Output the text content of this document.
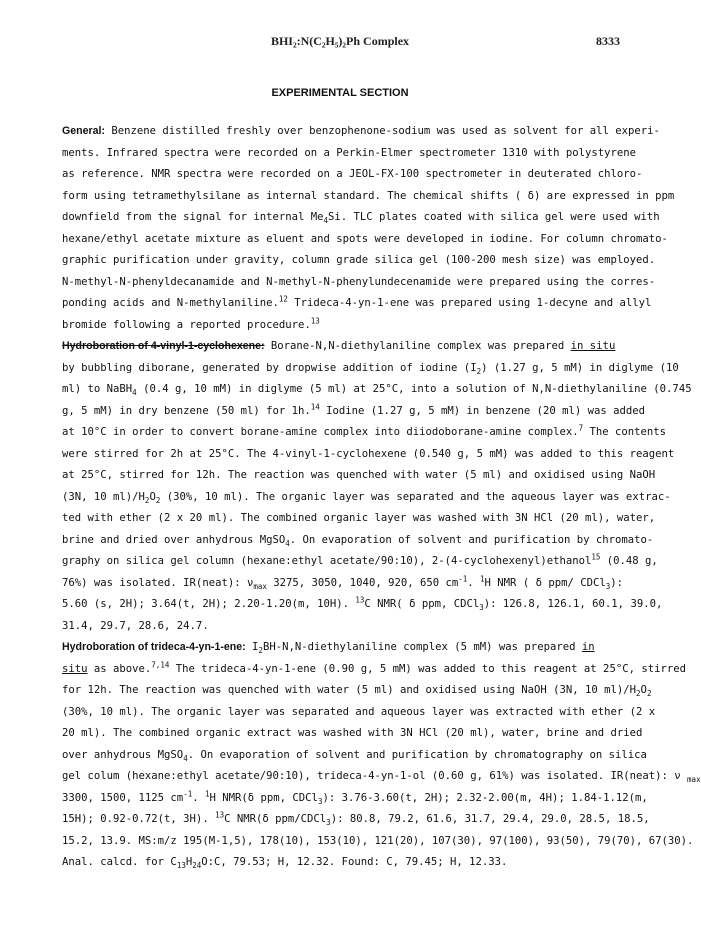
BHI₂:N(C₂H₅)₂Ph Complex	8333
EXPERIMENTAL SECTION
General: Benzene distilled freshly over benzophenone-sodium was used as solvent for all experi-
ments. Infrared spectra were recorded on a Perkin-Elmer spectrometer 1310 with polystyrene
as reference. NMR spectra were recorded on a JEOL-FX-100 spectrometer in deuterated chloro-
form using tetramethylsilane as internal standard. The chemical shifts ( δ) are expressed in ppm
downfield from the signal for internal $Me_4Si$. TLC plates coated with silica gel were used with
hexane/ethyl acetate mixture as eluent and spots were developed in iodine. For column chromato-
graphic purification under gravity, column grade silica gel (100-200 mesh size) was employed.
N-methyl-N-phenyldecanamide and N-methyl-N-phenylundecenamide were prepared using the corres-
ponding acids and N-methylaniline.$^{12}$ Trideca-4-yn-1-ene was prepared using 1-decyne and allyl
bromide following a reported procedure.$^{13}$
Hydroboration of 4-vinyl-1-cyclohexene: Borane-N,N-diethylaniline complex was prepared in situ
by bubbling diborane, generated by dropwise addition of iodine $(I_2)$ (1.27 g, 5 mM) in diglyme (10
ml) to NaBH$_4$ (0.4 g, 10 mM) in diglyme (5 ml) at 25°C, into a solution of N,N-diethylaniline (0.745
g, 5 mM) in dry benzene (50 ml) for 1h.$^{14}$ Iodine (1.27 g, 5 mM) in benzene (20 ml) was added
at 10°C in order to convert borane-amine complex into diiodoborane-amine complex.$^7$ The contents
were stirred for 2h at 25°C. The 4-vinyl-1-cyclohexene (0.540 g, 5 mM) was added to this reagent
at 25°C, stirred for 12h. The reaction was quenched with water (5 ml) and oxidised using NaOH
(3N, 10 $ml)/H_2O_2$ (30%, 10 ml). The organic layer was separated and the aqueous layer was extrac-
ted with ether (2 x 20 ml). The combined organic layer was washed with 3N HCl (20 ml), water,
brine and dried over anhydrous MgSO$_4$. On evaporation of solvent and purification by chromato-
graphy on silica gel column (hexane:ethyl acetate/90:10), 2-(4-cyclohexenyl)ethanol$^{15}$ (0.48 g,
76%) was isolated. IR(neat): $\nu_{max}$ 3275, 3050, 1040, 920, 650 $cm^{-1}$. $^1$H NMR ( δ ppm/ CDCl$_3$):
5.60 (s, 2H); 3.64(t, 2H); 2.20-1.20(m, 10H). $^{13}$C NMR( δ ppm, CDCl$_3$): 126.8, 126.1, 60.1, 39.0,
31.4, 29.7, 28.6, 24.7.
Hydroboration of trideca-4-yn-1-ene: $I_2BH-N,N$-diethylaniline complex (5 mM) was prepared in
situ as above.$^{7,14}$ The trideca-4-yn-1-ene (0.90 g, 5 mM) was added to this reagent at 25°C, stirred
for 12h. The reaction was quenched with water (5 ml) and oxidised using NaOH (3N, 10 $ml)/H_2O_2$
(30%, 10 ml). The organic layer was separated and aqueous layer was extracted with ether (2 x
20 ml). The combined organic extract was washed with 3N HCl (20 ml), water, brine and dried
over anhydrous MgSO$_4$. On evaporation of solvent and purification by chromatography on silica
gel colum (hexane:ethyl acetate/90:10), trideca-4-yn-1-ol (0.60 g, 61%) was isolated. IR(neat): ν $_{max}$
3300, 1500, 1125 $cm^{-1}$. $^1$H NMR(δ ppm, CDCl$_3$): 3.76-3.60(t, 2H); 2.32-2.00(m, 4H); 1.84-1.12(m,
15H); 0.92-0.72(t, 3H). $^{13}$C NMR(δ ppm/CDCl$_3$): 80.8, 79.2, 61.6, 31.7, 29.4, 29.0, 28.5, 18.5,
15.2, 13.9. MS:m/z 195(M-1,5), 178(10), 153(10), 121(20), 107(30), 97(100), 93(50), 79(70), 67(30).
Anal. calcd. for $C_{13}H_{24}O:C$, 79.53; H, 12.32. Found: C, 79.45; H, 12.33.
